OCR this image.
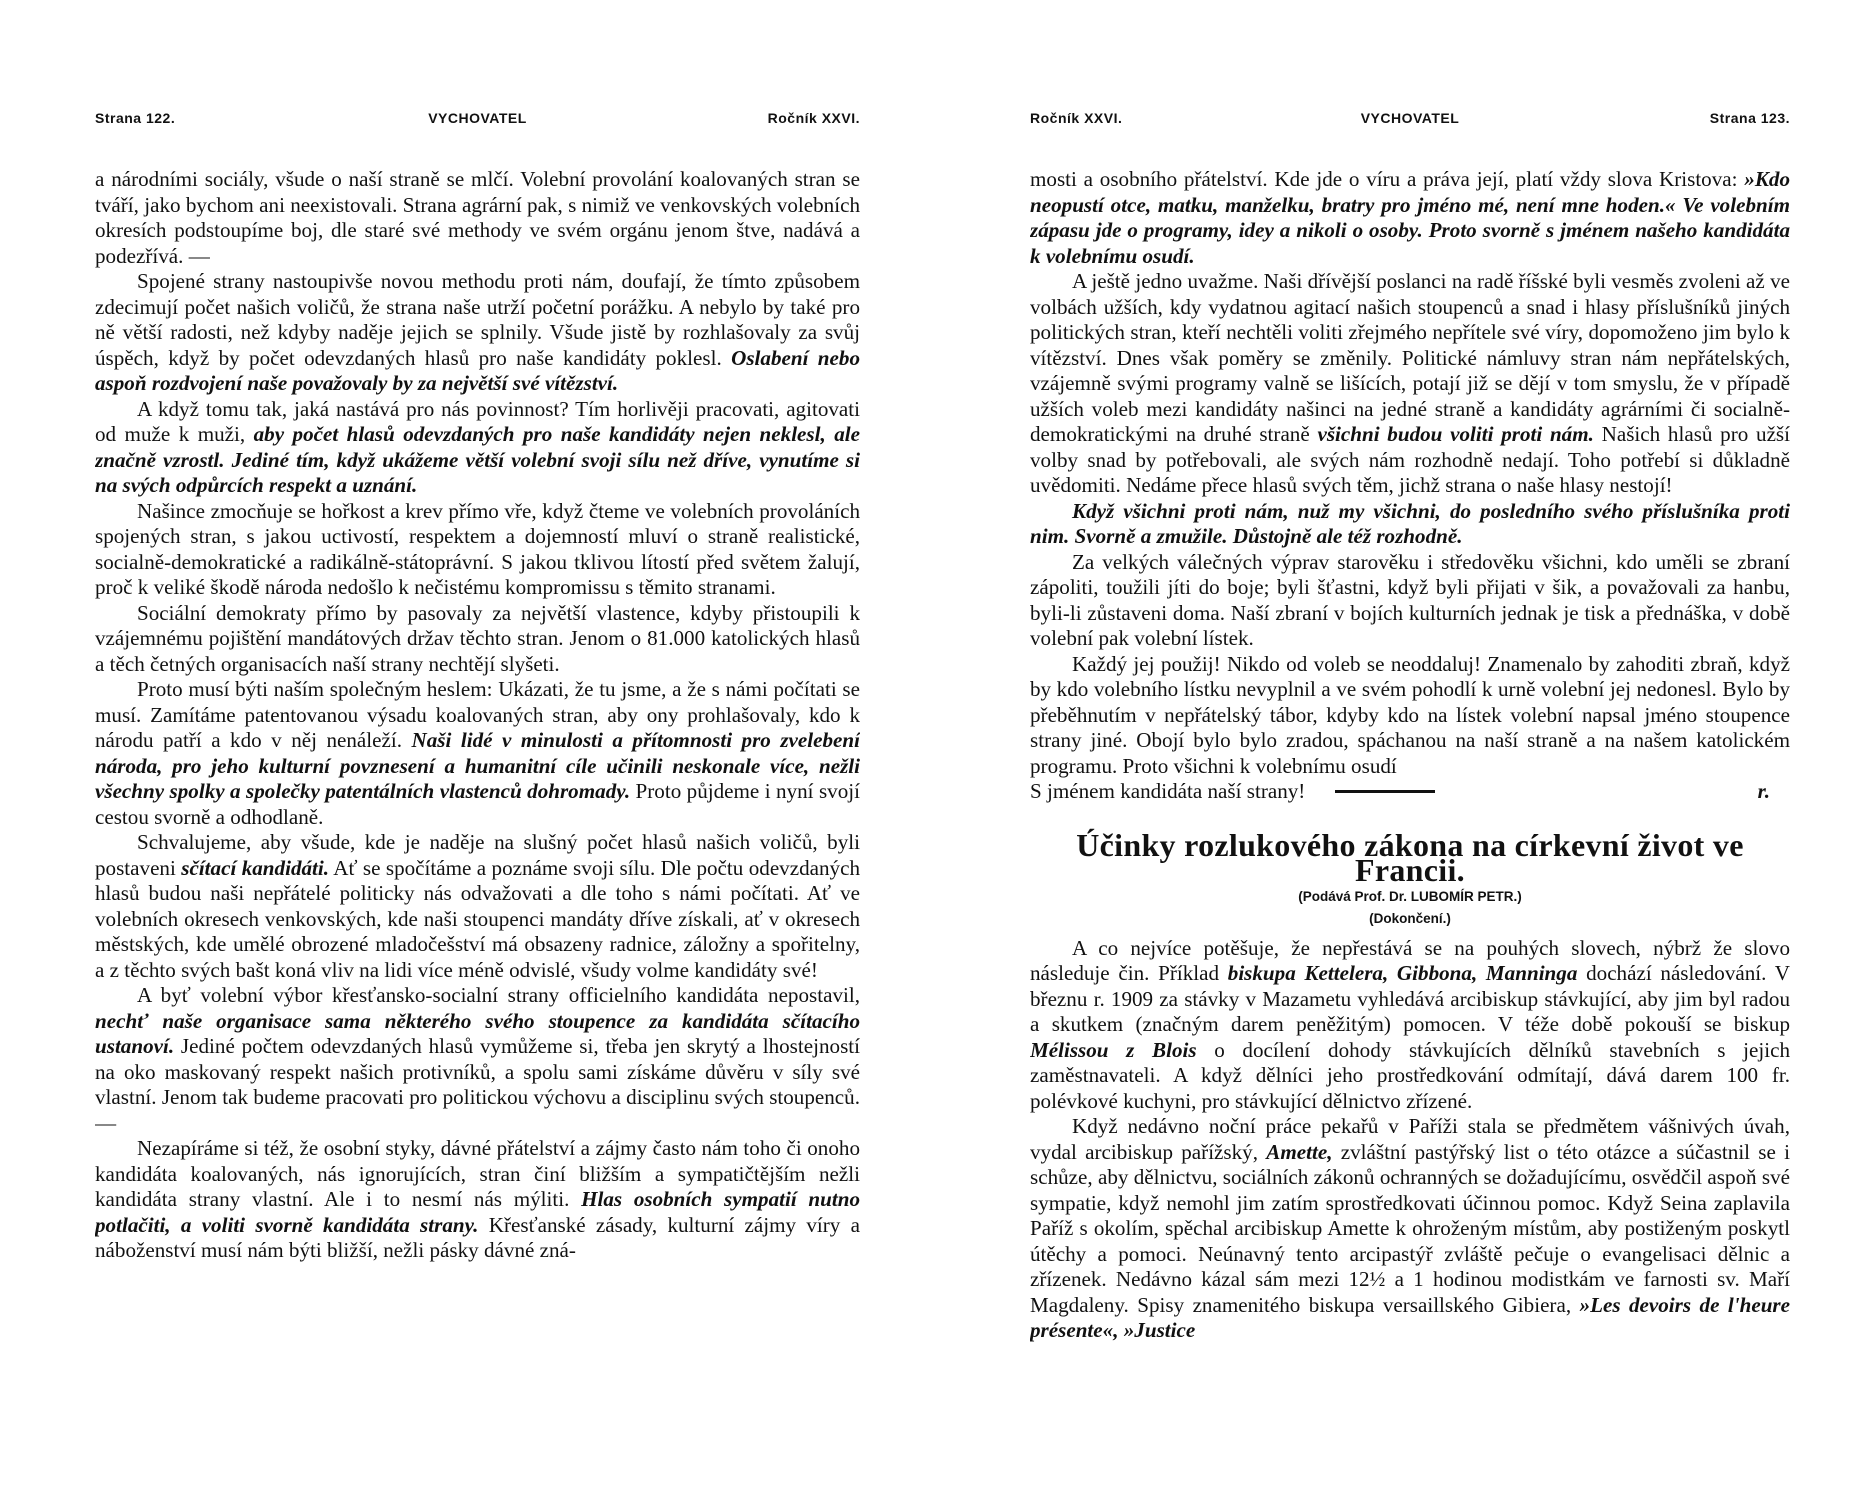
Strana 122.	VYCHOVATEL	Ročník XXVI.

a národními sociály, všude o naší straně se mlčí. Volební provolání koalovaných stran se tváří, jako bychom ani neexistovali. Strana agrární pak, s nimiž ve venkovských volebních okresích podstoupíme boj, dle staré své methody ve svém orgánu jenom štve, nadává a podezřívá. —

Spojené strany nastoupivše novou methodu proti nám, doufají, že tímto způsobem zdecimují počet našich voličů, že strana naše utrží početní porážku. A nebylo by také pro ně větší radosti, než kdyby naděje jejich se splnily. Všude jistě by rozhlašovaly za svůj úspěch, když by počet odevzdaných hlasů pro naše kandidáty poklesl. Oslabení nebo aspoň rozdvojení naše považovaly by za největší své vítězství.

A když tomu tak, jaká nastává pro nás povinnost? Tím horlivěji pracovati, agitovati od muže k muži, aby počet hlasů odevzdaných pro naše kandidáty nejen neklesl, ale značně vzrostl. Jediné tím, když ukážeme větší volební svoji sílu než dříve, vynutíme si na svých odpůrcích respekt a uznání.

Našince zmocňuje se hořkost a krev přímo vře, když čteme ve volebních provoláních spojených stran, s jakou uctivostí, respektem a dojemností mluví o straně realistické, socialně-demokratické a radikálně-státoprávní. S jakou tklivou lítostí před světem žalují, proč k veliké škodě národa nedošlo k nečistému kompromissu s těmito stranami.

Sociální demokraty přímo by pasovaly za největší vlastence, kdyby přistoupili k vzájemnému pojištění mandátových držav těchto stran. Jenom o 81.000 katolických hlasů a těch četných organisacích naší strany nechtějí slyšeti.

Proto musí býti naším společným heslem: Ukázati, že tu jsme, a že s námi počítati se musí. Zamítáme patentovanou výsadu koalovaných stran, aby ony prohlašovaly, kdo k národu patří a kdo v něj nenáleží. Naši lidé v minulosti a přítomnosti pro zvelebení národa, pro jeho kulturní povznesení a humanitní cíle učinili neskonale více, nežli všechny spolky a společky patentálních vlastenců dohromady. Proto půjdeme i nyní svojí cestou svorně a odhodlaně.

Schvalujeme, aby všude, kde je naděje na slušný počet hlasů našich voličů, byli postaveni sčítací kandidáti. Ať se spočítáme a poznáme svoji sílu. Dle počtu odevzdaných hlasů budou naši nepřátelé politicky nás odvažovati a dle toho s námi počítati. Ať ve volebních okresech venkovských, kde naši stoupenci mandáty dříve získali, ať v okresech městských, kde umělé obrozené mladočešství má obsazeny radnice, záložny a spořitelny, a z těchto svých bašt koná vliv na lidi více méně odvislé, všudy volme kandidáty své!

A byť volební výbor křesťansko-socialní strany officielního kandidáta nepostavil, nechť naše organisace sama některého svého stoupence za kandidáta sčítacího ustanoví. Jediné počtem odevzdaných hlasů vymůžeme si, třeba jen skrytý a lhostejností na oko maskovaný respekt našich protivníků, a spolu sami získáme důvěru v síly své vlastní. Jenom tak budeme pracovati pro politickou výchovu a disciplinu svých stoupenců. —

Nezapíráme si též, že osobní styky, dávné přátelství a zájmy často nám toho či onoho kandidáta koalovaných, nás ignorujících, stran činí bližším a sympatičtějším nežli kandidáta strany vlastní. Ale i to nesmí nás mýliti. Hlas osobních sympatií nutno potlačiti, a voliti svorně kandidáta strany. Křesťanské zásady, kulturní zájmy víry a náboženství musí nám býti bližší, nežli pásky dávné zná-

Ročník XXVI.	VYCHOVATEL	Strana 123.

mosti a osobního přátelství. Kde jde o víru a práva její, platí vždy slova Kristova: »Kdo neopustí otce, matku, manželku, bratry pro jméno mé, není mne hoden.« Ve volebním zápasu jde o programy, idey a nikoli o osoby. Proto svorně s jménem našeho kandidáta k volebnímu osudí.

A ještě jedno uvažme. Naši dřívější poslanci na radě říšské byli vesměs zvoleni až ve volbách užších, kdy vydatnou agitací našich stoupenců a snad i hlasy příslušníků jiných politických stran, kteří nechtěli voliti zřejmého nepřítele své víry, dopomoženo jim bylo k vítězství. Dnes však poměry se změnily. Politické námluvy stran nám nepřátelských, vzájemně svými programy valně se lišících, potají již se dějí v tom smyslu, že v případě užších voleb mezi kandidáty našinci na jedné straně a kandidáty agrárními či socialně-demokratickými na druhé straně všichni budou voliti proti nám. Našich hlasů pro užší volby snad by potřebovali, ale svých nám rozhodně nedají. Toho potřebí si důkladně uvědomiti. Nedáme přece hlasů svých těm, jichž strana o naše hlasy nestojí!

Když všichni proti nám, nuž my všichni, do posledního svého příslušníka proti nim. Svorně a zmužile. Důstojně ale též rozhodně.

Za velkých válečných výprav starověku i středověku všichni, kdo uměli se zbraní zápoliti, toužili jíti do boje; byli šťastni, když byli přijati v šik, a považovali za hanbu, byli-li zůstaveni doma. Naší zbraní v bojích kulturních jednak je tisk a přednáška, v době volební pak volební lístek.

Každý jej použij! Nikdo od voleb se neoddaluj! Znamenalo by zahoditi zbraň, když by kdo volebního lístku nevyplnil a ve svém pohodlí k urně volební jej nedonesl. Bylo by přeběhnutím v nepřátelský tábor, kdyby kdo na lístek volební napsal jméno stoupence strany jiné. Obojí bylo bylo zradou, spáchanou na naší straně a na našem katolickém programu. Proto všichni k volebnímu osudí

S jménem kandidáta naší strany!	r.
Účinky rozlukového zákona na církevní život ve Francii.
(Podává Prof. Dr. LUBOMÍR PETR.)
(Dokončení.)

A co nejvíce potěšuje, že nepřestává se na pouhých slovech, nýbrž že slovo následuje čin. Příklad biskupa Kettelera, Gibbona, Manninga dochází následování. V březnu r. 1909 za stávky v Mazametu vyhledává arcibiskup stávkující, aby jim byl radou a skutkem (značným darem peněžitým) pomocen. V téže době pokouší se biskup Mélissou z Blois o docílení dohody stávkujících dělníků stavebních s jejich zaměstnavateli. A když dělníci jeho prostředkování odmítají, dává darem 100 fr. polévkové kuchyni, pro stávkující dělnictvo zřízené.

Když nedávno noční práce pekařů v Paříži stala se předmětem vášnivých úvah, vydal arcibiskup pařížský, Amette, zvláštní pastýřský list o této otázce a súčastnil se i schůze, aby dělnictvu, sociálních zákonů ochranných se dožadujícímu, osvědčil aspoň své sympatie, když nemohl jim zatím sprostředkovati účinnou pomoc. Když Seina zaplavila Paříž s okolím, spěchal arcibiskup Amette k ohroženým místům, aby postiženým poskytl útěchy a pomoci. Neúnavný tento arcipastýř zvláště pečuje o evangelisaci dělnic a zřízenek. Nedávno kázal sám mezi 12½ a 1 hodinou modistkám ve farnosti sv. Maří Magdaleny. Spisy znamenitého biskupa versaillského Gibiera, »Les devoirs de l'heure présente«, »Justice
